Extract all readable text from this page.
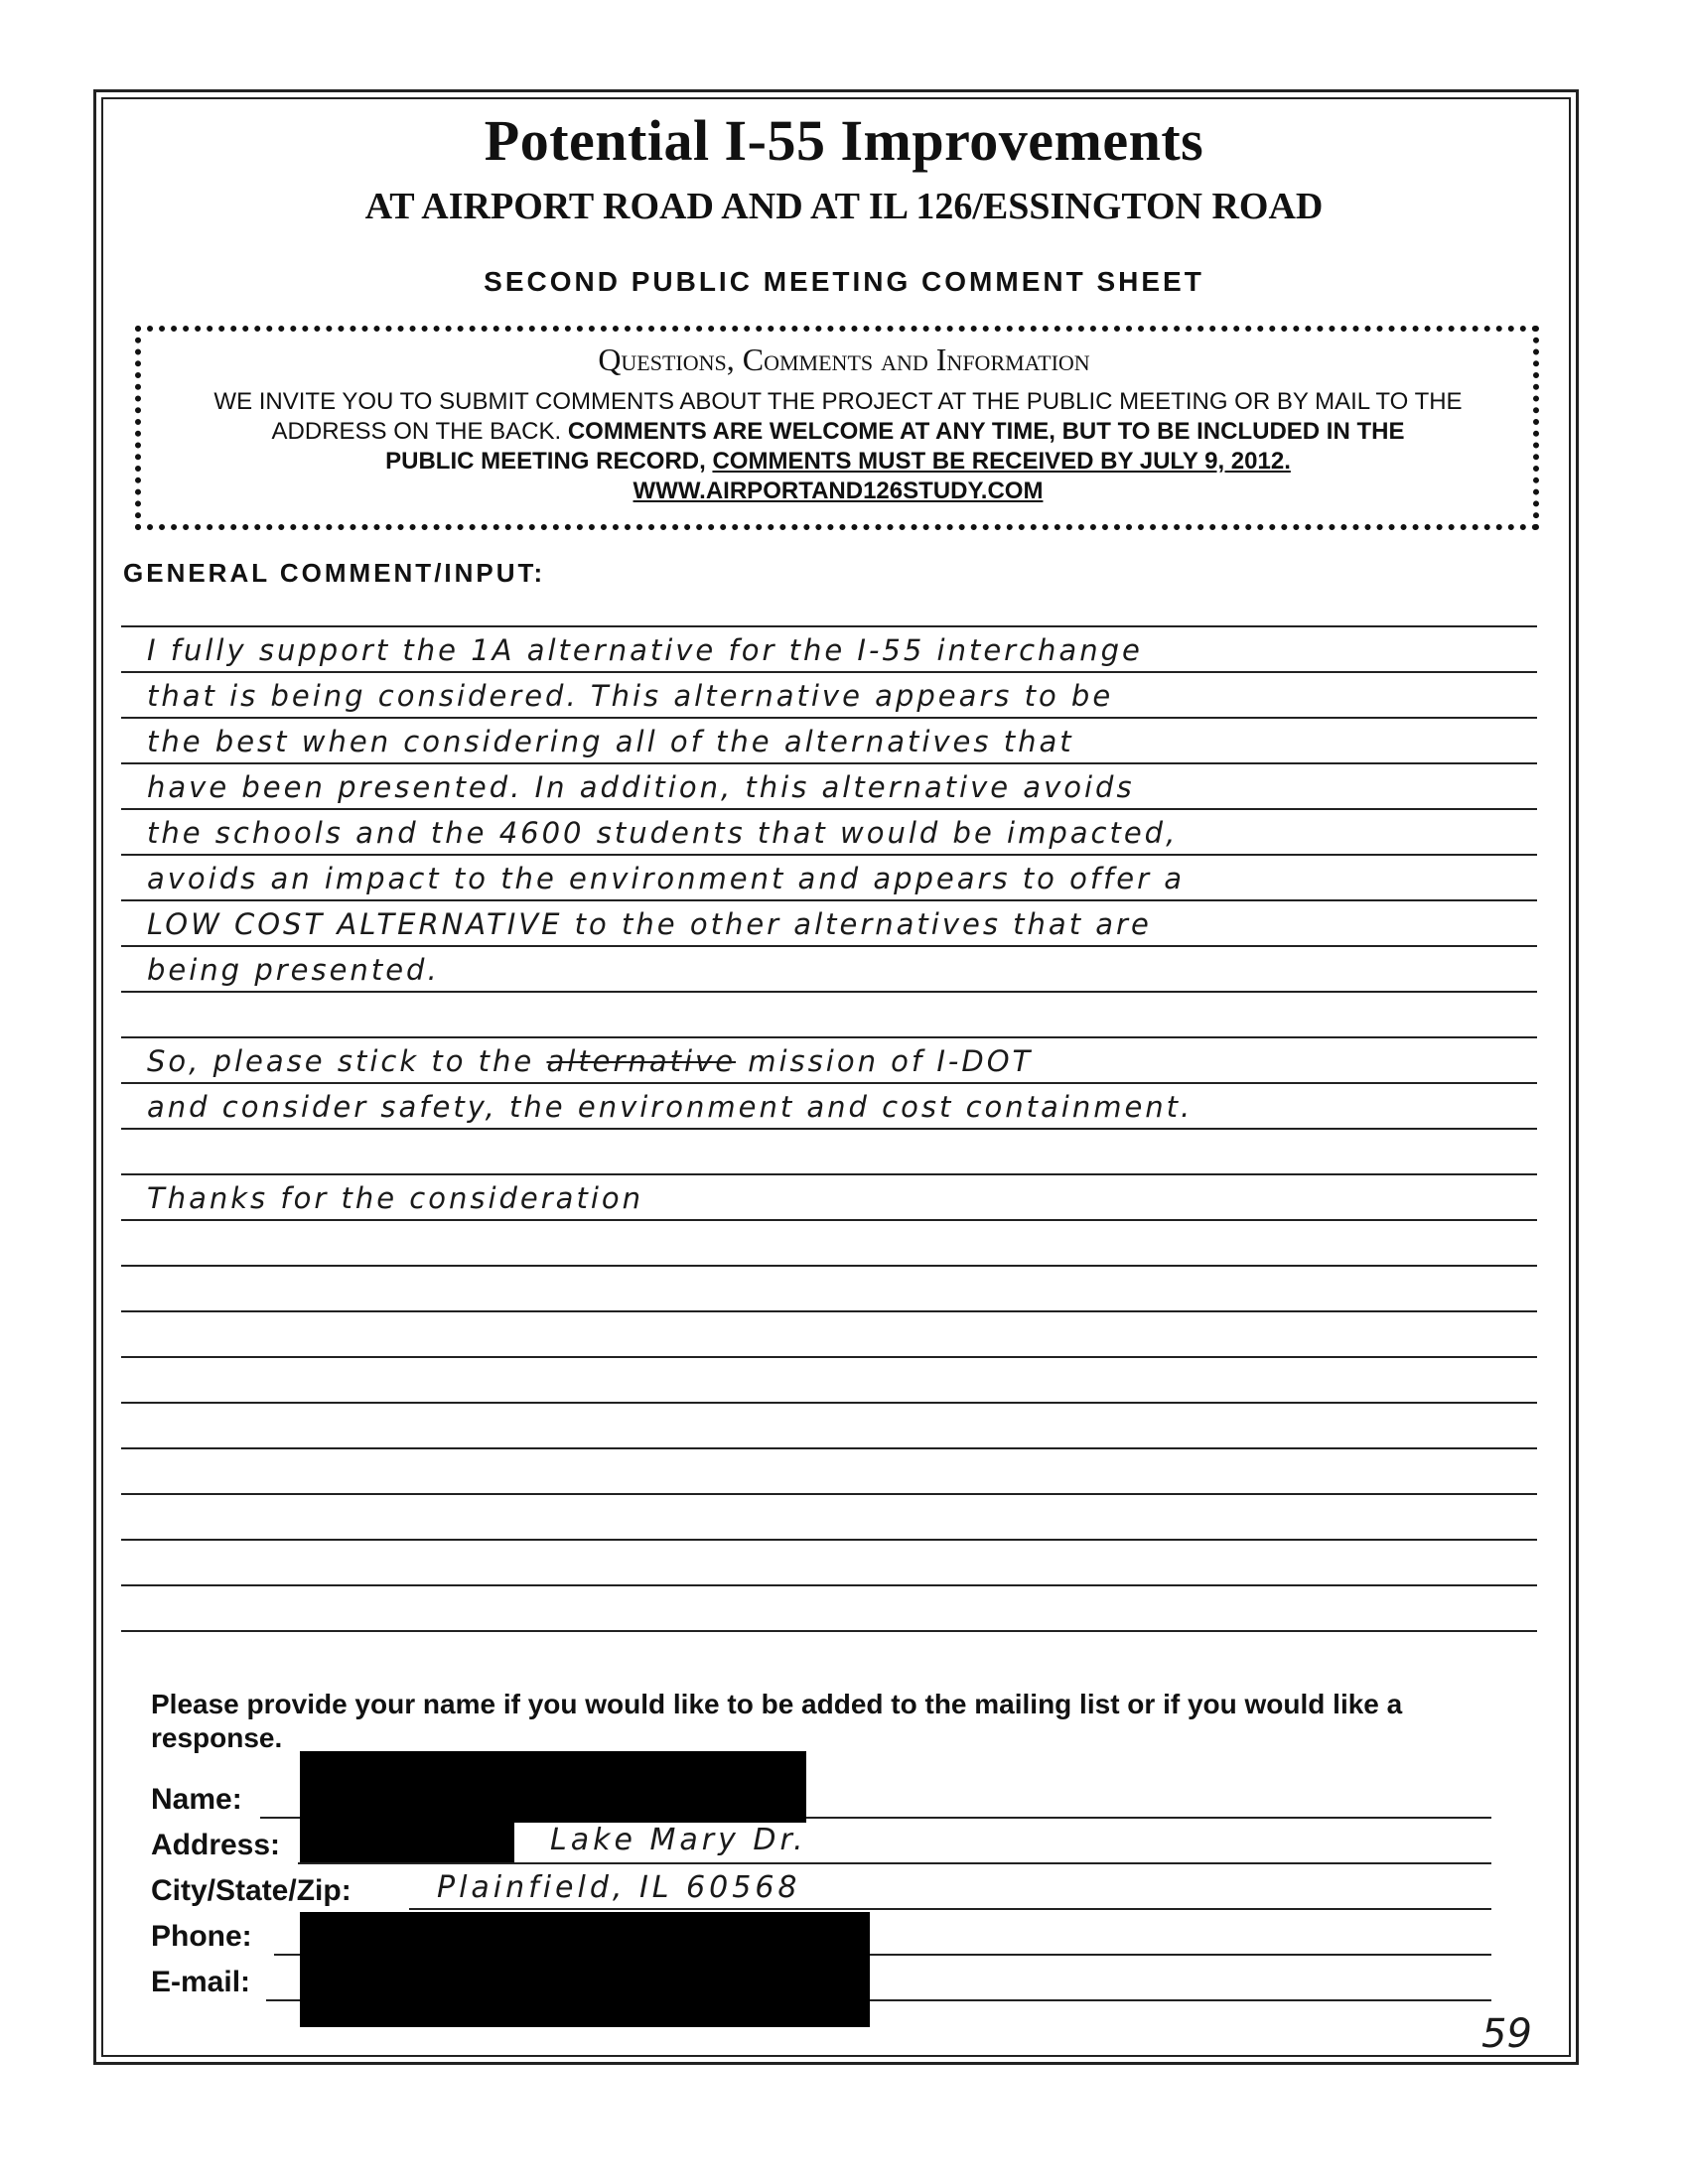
Potential I-55 Improvements
AT AIRPORT ROAD AND AT IL 126/ESSINGTON ROAD
SECOND PUBLIC MEETING COMMENT SHEET
Questions, Comments and Information
WE INVITE YOU TO SUBMIT COMMENTS ABOUT THE PROJECT AT THE PUBLIC MEETING OR BY MAIL TO THE
ADDRESS ON THE BACK. COMMENTS ARE WELCOME AT ANY TIME, BUT TO BE INCLUDED IN THE
PUBLIC MEETING RECORD, COMMENTS MUST BE RECEIVED BY JULY 9, 2012.
WWW.AIRPORTAND126STUDY.COM
GENERAL COMMENT/INPUT:
I fully support the 1A alternative for the I-55 interchange
that is being considered. This alternative appears to be
the best when considering all of the alternatives that
have been presented. In addition, this alternative avoids
the schools and the 4600 students that would be impacted,
avoids an impact to the environment and appears to offer a
LOW COST ALTERNATIVE to the other alternatives that are
being presented.
So, please stick to the alternative mission of I-DOT
and consider safety, the environment and cost containment.
Thanks for the consideration
Please provide your name if you would like to be added to the mailing list or if you would like a response.
Name:
Address:	Lake Mary Dr.
City/State/Zip:	Plainfield, IL 60568
Phone:
E-mail:
59
